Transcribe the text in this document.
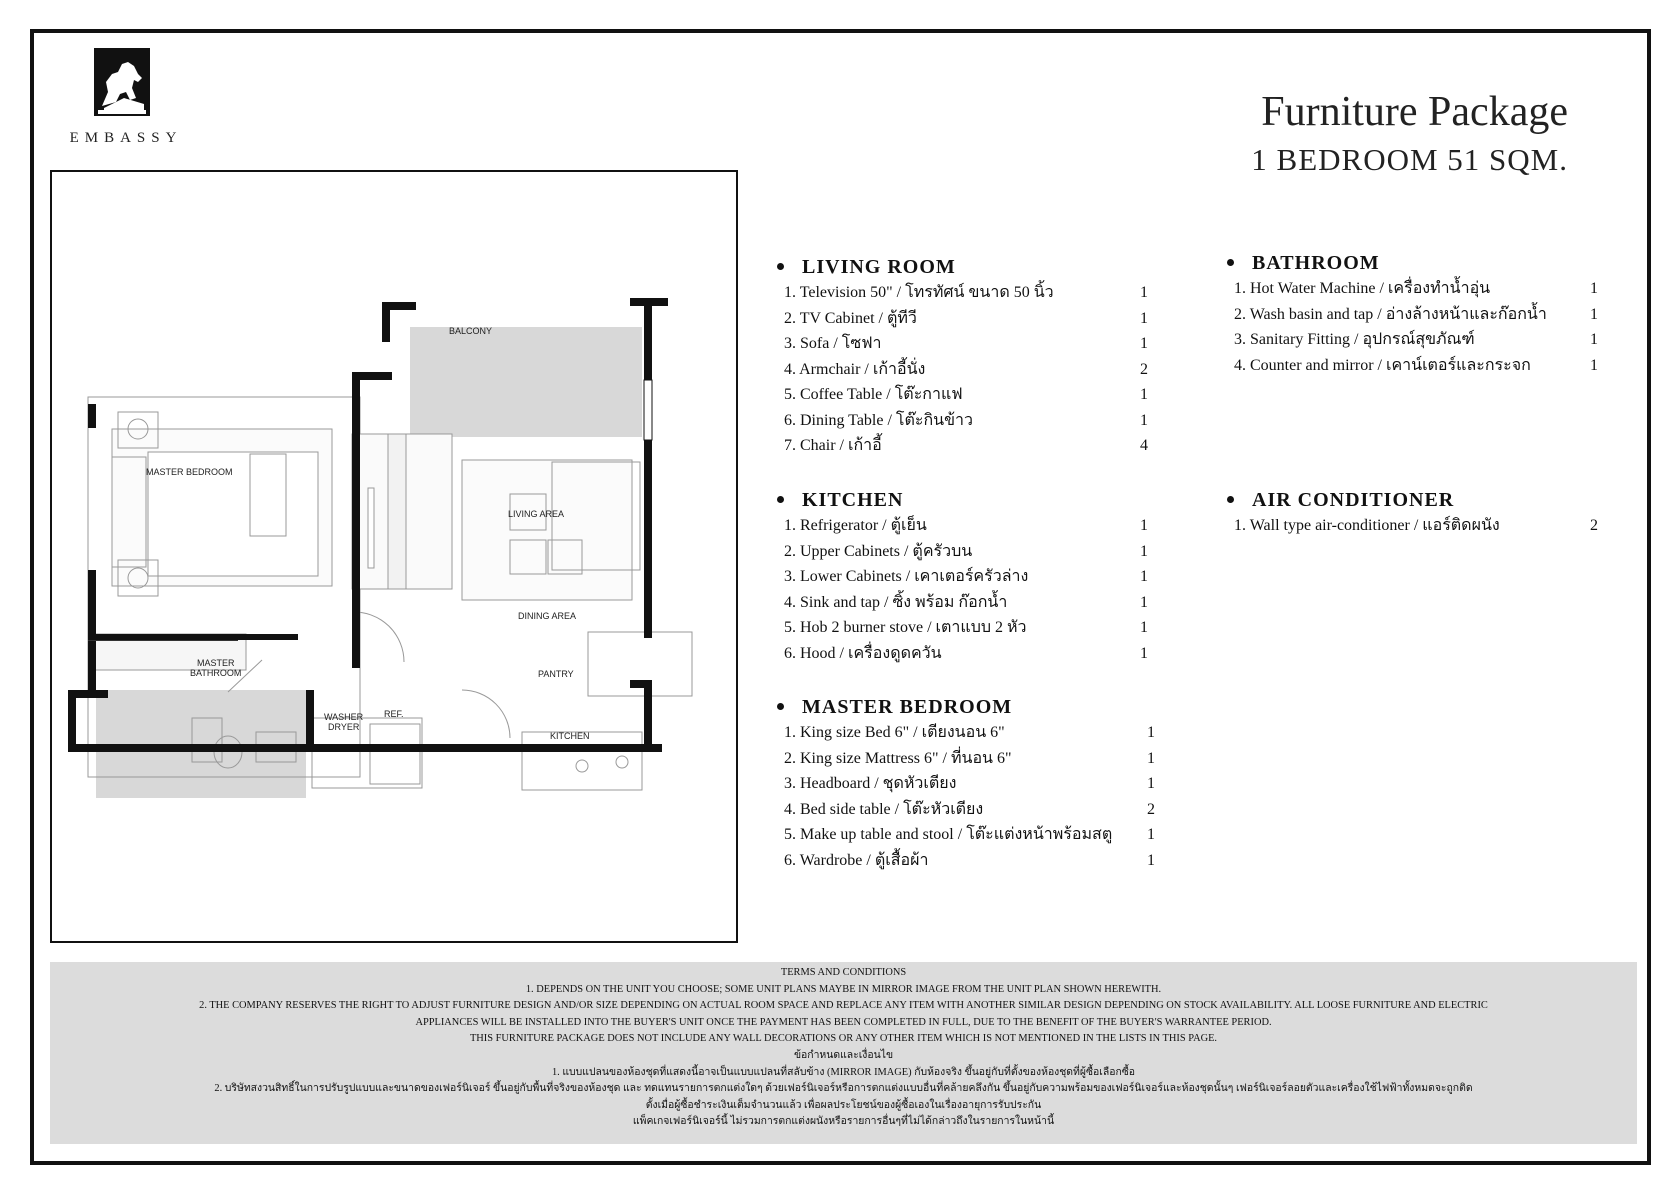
EMBASSY
Furniture Package
1 BEDROOM 51 SQM.
BALCONY
MASTER BEDROOM
LIVING AREA
DINING AREA
MASTER
BATHROOM	PANTRY
WASHER
DRYER
REF.
KITCHEN
LIVING ROOM
1. Television 50" / โทรทัศน์ ขนาด 50 นิ้ว	1
2. TV Cabinet / ตู้ทีวี	1
3. Sofa / โซฟา	1
4. Armchair / เก้าอี้นั่ง	2
5. Coffee Table / โต๊ะกาแฟ	1
6. Dining Table / โต๊ะกินข้าว	1
7. Chair / เก้าอี้	4
KITCHEN
1. Refrigerator / ตู้เย็น	1
2. Upper Cabinets / ตู้ครัวบน	1
3. Lower Cabinets / เคาเตอร์ครัวล่าง	1
4. Sink and tap / ซิ้ง พร้อม ก๊อกน้ำ	1
5. Hob 2 burner stove / เตาแบบ 2 หัว	1
6. Hood / เครื่องดูดควัน	1
MASTER BEDROOM
1. King size Bed 6" / เตียงนอน 6"	1
2. King size Mattress 6" / ที่นอน 6"	1
3. Headboard / ชุดหัวเตียง	1
4. Bed side table / โต๊ะหัวเตียง	2
5. Make up table and stool / โต๊ะแต่งหน้าพร้อมสตู	1
6. Wardrobe / ตู้เสื้อผ้า	1
BATHROOM
1. Hot Water Machine / เครื่องทำน้ำอุ่น	1
2. Wash basin and tap / อ่างล้างหน้าและก๊อกน้ำ	1
3. Sanitary Fitting / อุปกรณ์สุขภัณฑ์	1
4. Counter and mirror / เคาน์เตอร์และกระจก	1
AIR CONDITIONER
1. Wall type air-conditioner / แอร์ติดผนัง	2
TERMS AND CONDITIONS
1. DEPENDS ON THE UNIT YOU CHOOSE; SOME UNIT PLANS MAYBE IN MIRROR IMAGE FROM THE UNIT PLAN SHOWN HEREWITH.
2. THE COMPANY RESERVES THE RIGHT TO ADJUST FURNITURE DESIGN AND/OR SIZE DEPENDING ON ACTUAL ROOM SPACE AND REPLACE ANY ITEM WITH ANOTHER SIMILAR DESIGN DEPENDING ON STOCK AVAILABILITY. ALL LOOSE FURNITURE AND ELECTRIC
APPLIANCES WILL BE INSTALLED INTO THE BUYER'S UNIT ONCE THE PAYMENT HAS BEEN COMPLETED IN FULL, DUE TO THE BENEFIT OF THE BUYER'S WARRANTEE PERIOD.
THIS FURNITURE PACKAGE DOES NOT INCLUDE ANY WALL DECORATIONS OR ANY OTHER ITEM WHICH IS NOT MENTIONED IN THE LISTS IN THIS PAGE.
ข้อกำหนดและเงื่อนไข
1. แบบแปลนของห้องชุดที่แสดงนี้อาจเป็นแบบแปลนที่สลับข้าง (MIRROR IMAGE) กับห้องจริง ขึ้นอยู่กับที่ตั้งของห้องชุดที่ผู้ซื้อเลือกซื้อ
2. บริษัทสงวนสิทธิ์ในการปรับรูปแบบและขนาดของเฟอร์นิเจอร์ ขึ้นอยู่กับพื้นที่จริงของห้องชุด และ ทดแทนรายการตกแต่งใดๆ ด้วยเฟอร์นิเจอร์หรือการตกแต่งแบบอื่นที่คล้ายคลึงกัน ขึ้นอยู่กับความพร้อมของเฟอร์นิเจอร์และห้องชุดนั้นๆ เฟอร์นิเจอร์ลอยตัวและเครื่องใช้ไฟฟ้าทั้งหมดจะถูกติด
ตั้งเมื่อผู้ซื้อชำระเงินเต็มจำนวนแล้ว เพื่อผลประโยชน์ของผู้ซื้อเองในเรื่องอายุการรับประกัน
แพ็คเกจเฟอร์นิเจอร์นี้ ไม่รวมการตกแต่งผนังหรือรายการอื่นๆที่ไม่ได้กล่าวถึงในรายการในหน้านี้
